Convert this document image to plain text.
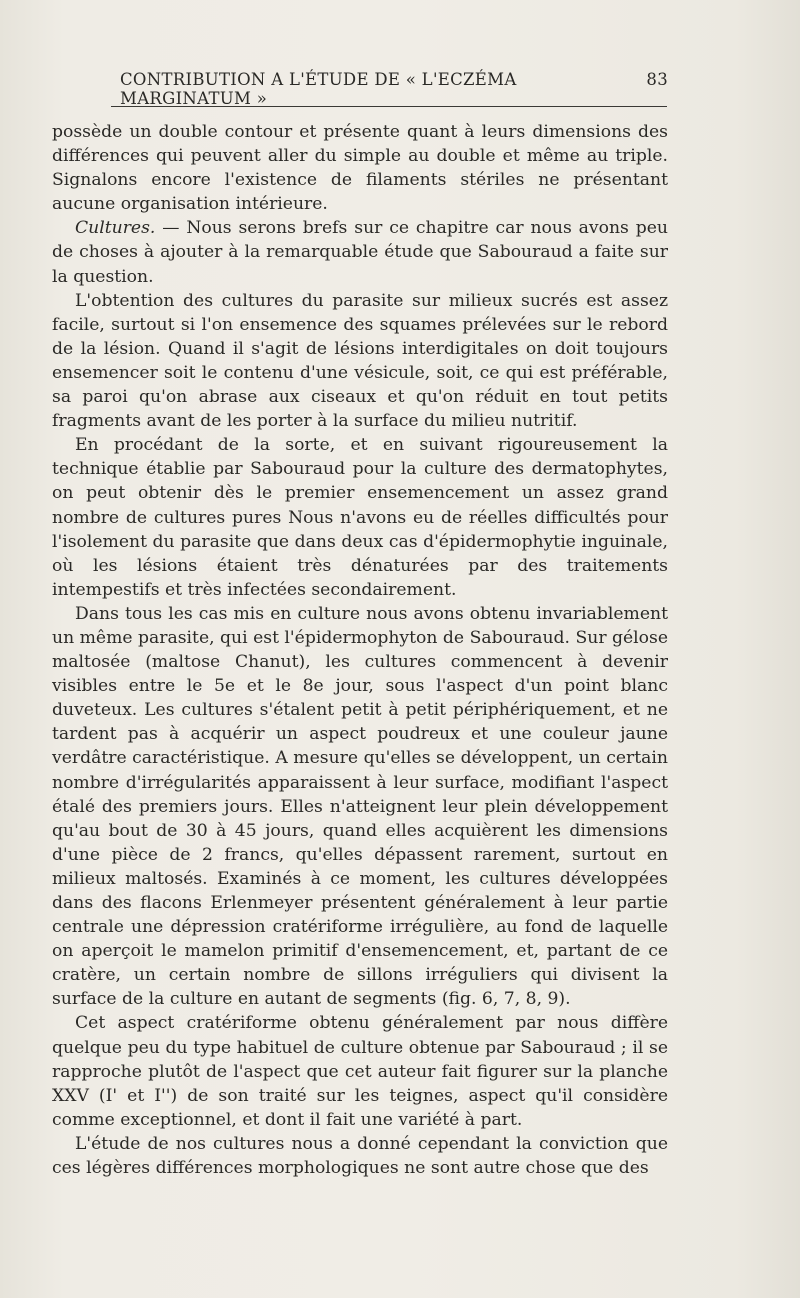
CONTRIBUTION A L'ÉTUDE DE « L'ECZÉMA MARGINATUM »
83

possède un double contour et présente quant à leurs dimensions des différences qui peuvent aller du simple au double et même au triple. Signalons encore l'existence de filaments stériles ne présentant aucune organisation intérieure.

Cultures. — Nous serons brefs sur ce chapitre car nous avons peu de choses à ajouter à la remarquable étude que Sabouraud a faite sur la question.

L'obtention des cultures du parasite sur milieux sucrés est assez facile, surtout si l'on ensemence des squames prélevées sur le rebord de la lésion. Quand il s'agit de lésions interdigitales on doit toujours ensemencer soit le contenu d'une vésicule, soit, ce qui est préférable, sa paroi qu'on abrase aux ciseaux et qu'on réduit en tout petits fragments avant de les porter à la surface du milieu nutritif.

En procédant de la sorte, et en suivant rigoureusement la technique établie par Sabouraud pour la culture des dermatophytes, on peut obtenir dès le premier ensemencement un assez grand nombre de cultures pures Nous n'avons eu de réelles difficultés pour l'isolement du parasite que dans deux cas d'épidermophytie inguinale, où les lésions étaient très dénaturées par des traitements intempestifs et très infectées secondairement.

Dans tous les cas mis en culture nous avons obtenu invariablement un même parasite, qui est l'épidermophyton de Sabouraud. Sur gélose maltosée (maltose Chanut), les cultures commencent à devenir visibles entre le 5e et le 8e jour, sous l'aspect d'un point blanc duveteux. Les cultures s'étalent petit à petit périphériquement, et ne tardent pas à acquérir un aspect poudreux et une couleur jaune verdâtre caractéristique. A mesure qu'elles se développent, un certain nombre d'irrégularités apparaissent à leur surface, modifiant l'aspect étalé des premiers jours. Elles n'atteignent leur plein développement qu'au bout de 30 à 45 jours, quand elles acquièrent les dimensions d'une pièce de 2 francs, qu'elles dépassent rarement, surtout en milieux maltosés. Examinés à ce moment, les cultures développées dans des flacons Erlenmeyer présentent généralement à leur partie centrale une dépression cratériforme irrégulière, au fond de laquelle on aperçoit le mamelon primitif d'ensemencement, et, partant de ce cratère, un certain nombre de sillons irréguliers qui divisent la surface de la culture en autant de segments (fig. 6, 7, 8, 9).

Cet aspect cratériforme obtenu généralement par nous diffère quelque peu du type habituel de culture obtenue par Sabouraud ; il se rapproche plutôt de l'aspect que cet auteur fait figurer sur la planche XXV (I' et I'') de son traité sur les teignes, aspect qu'il considère comme exceptionnel, et dont il fait une variété à part.

L'étude de nos cultures nous a donné cependant la conviction que ces légères différences morphologiques ne sont autre chose que des
